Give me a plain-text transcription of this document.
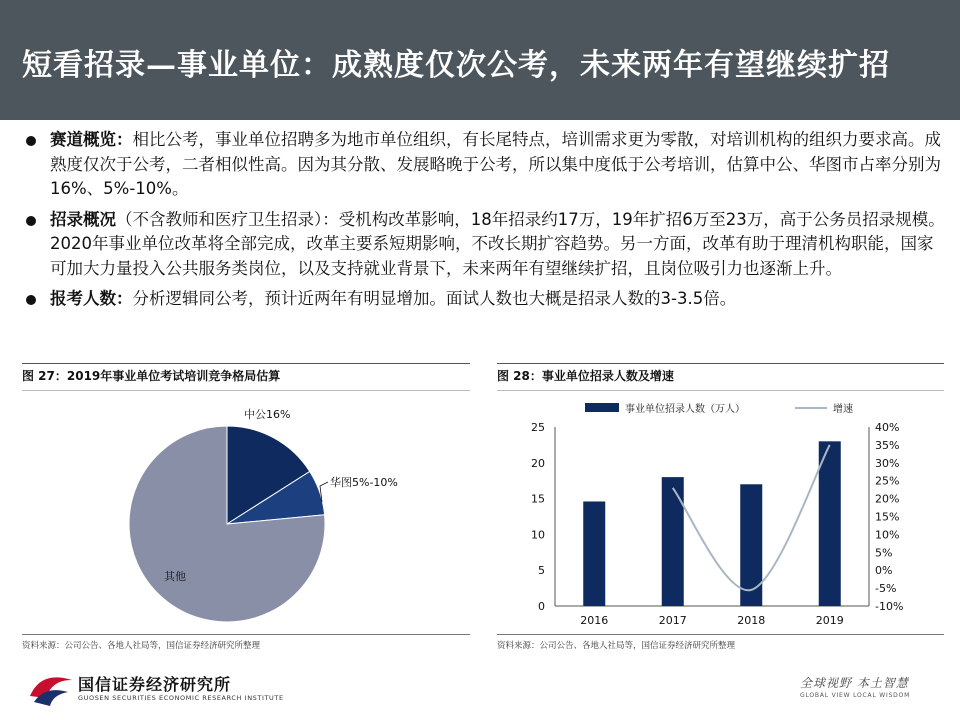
短看招录—事业单位：成熟度仅次公考，未来两年有望继续扩招
赛道概览：相比公考，事业单位招聘多为地市单位组织，有长尾特点，培训需求更为零散，对培训机构的组织力要求高。成熟度仅次于公考，二者相似性高。因为其分散、发展略晚于公考，所以集中度低于公考培训，估算中公、华图市占率分别为16%、5%-10%。
招录概况（不含教师和医疗卫生招录）：受机构改革影响，18年招录约17万，19年扩招6万至23万，高于公务员招录规模。2020年事业单位改革将全部完成，改革主要系短期影响，不改长期扩容趋势。另一方面，改革有助于理清机构职能，国家可加大力量投入公共服务类岗位，以及支持就业背景下，未来两年有望继续扩招，且岗位吸引力也逐渐上升。
报考人数：分析逻辑同公考，预计近两年有明显增加。面试人数也大概是招录人数的3-3.5倍。
图 27：2019年事业单位考试培训竞争格局估算	图 28：事业单位招录人数及增速
中公16%
华图5%-10%
其他
事业单位招录人数（万人）	增速
0
5
10
15
20
25
-10%
-5%
0%
5%
10%
15%
20%
25%
30%
35%
40%
2016	2017	2018	2019
资料来源：公司公告、各地人社局等，国信证券经济研究所整理	资料来源：公司公告、各地人社局等，国信证券经济研究所整理
国信证券经济研究所
GUOSEN SECURITIES ECONOMIC RESEARCH INSTITUTE
全球视野 本土智慧
GLOBAL VIEW LOCAL WISDOM
